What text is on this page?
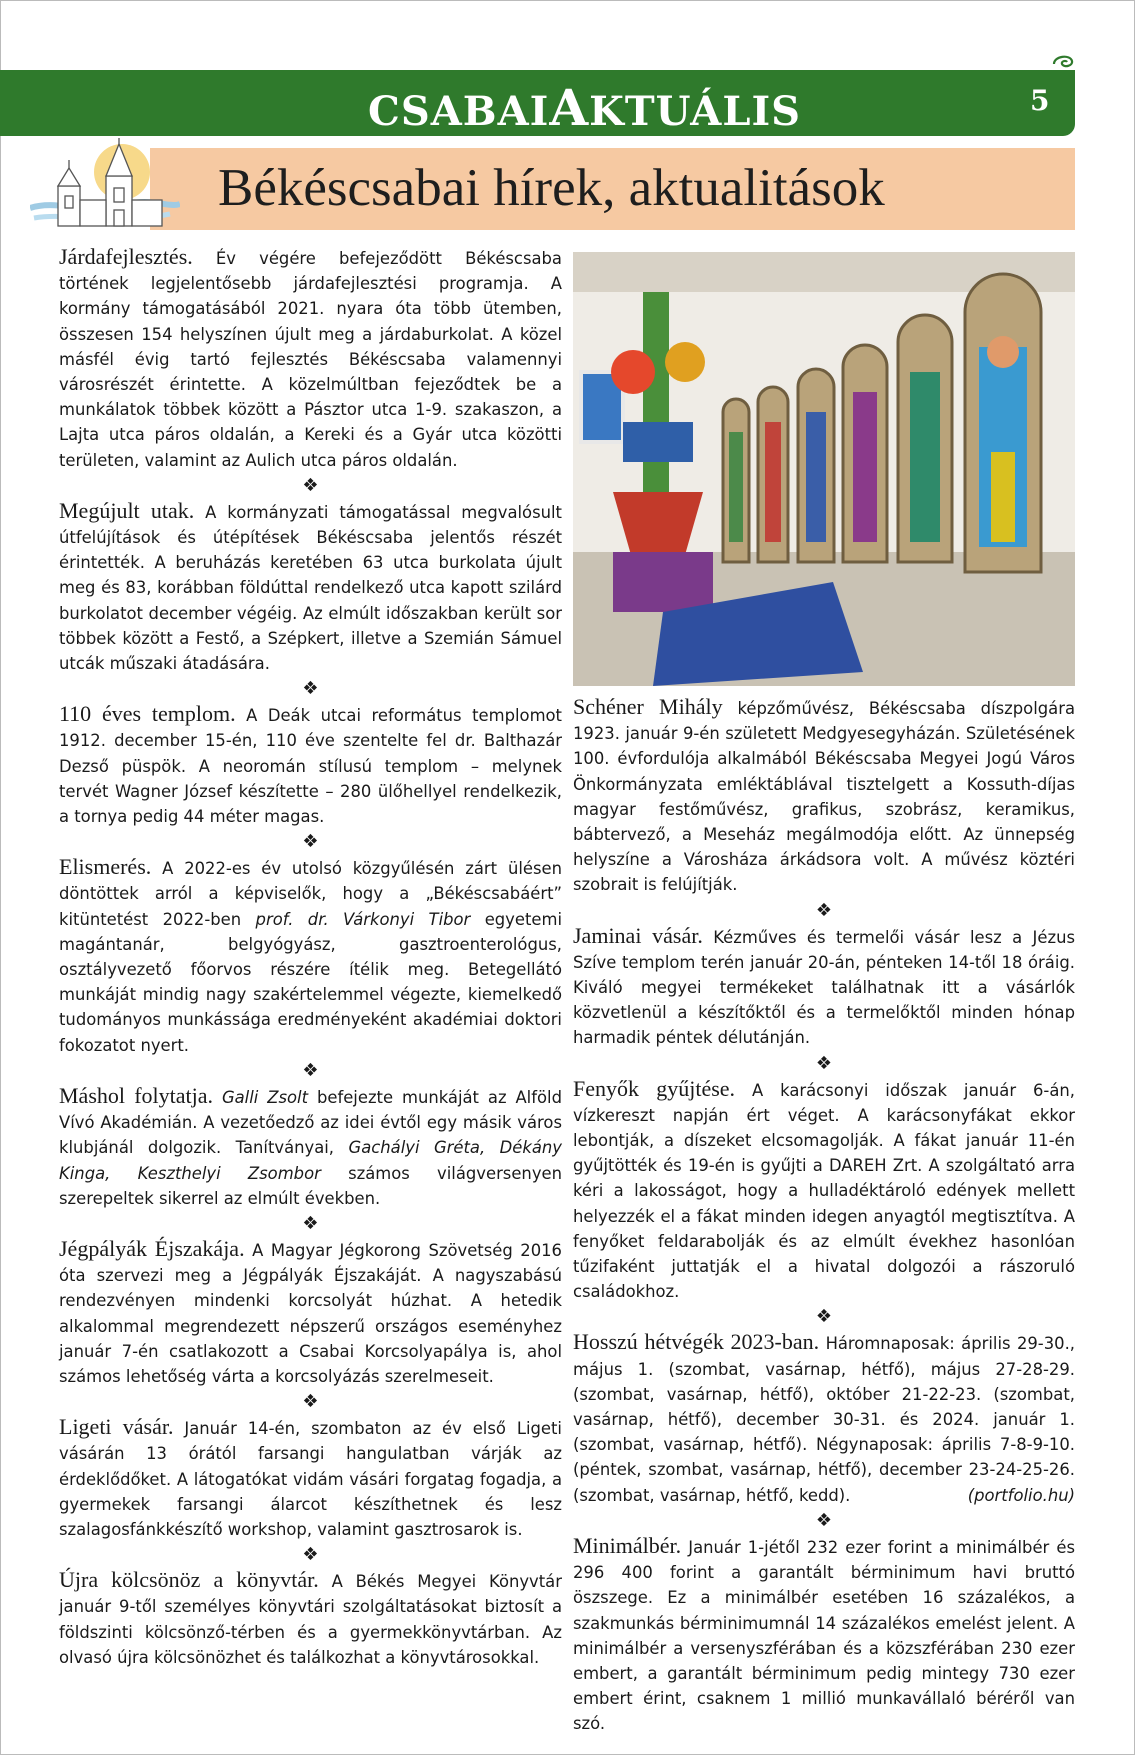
CSABAIAKTUÁLIS	5
Békéscsabai hírek, aktualitások

Járdafejlesztés. Év végére befejeződött Békéscsaba történek legjelentősebb járdafejlesztési programja. A kormány támogatásából 2021. nyara óta több ütemben, összesen 154 helyszínen újult meg a járdaburkolat. A közel másfél évig tartó fejlesztés Békéscsaba valamennyi városrészét érintette. A közelmúltban fejeződtek be a munkálatok többek között a Pásztor utca 1-9. szakaszon, a Lajta utca páros oldalán, a Kereki és a Gyár utca közötti területen, valamint az Aulich utca páros oldalán.

❖

Megújult utak. A kormányzati támogatással megvalósult útfelújítások és útépítések Békéscsaba jelentős részét érintették. A beruházás keretében 63 utca burkolata újult meg és 83, korábban földúttal rendelkező utca kapott szilárd burkolatot december végéig. Az elmúlt időszakban került sor többek között a Festő, a Szépkert, illetve a Szemián Sámuel utcák műszaki átadására.

❖

110 éves templom. A Deák utcai református templomot 1912. december 15-én, 110 éve szentelte fel dr. Balthazár Dezső püspök. A neoromán stílusú templom – melynek tervét Wagner József készítette – 280 ülőhellyel rendelkezik, a tornya pedig 44 méter magas.

❖

Elismerés. A 2022-es év utolsó közgyűlésén zárt ülésen döntöttek arról a képviselők, hogy a „Békéscsabáért” kitüntetést 2022-ben prof. dr. Várkonyi Tibor egyetemi magántanár, belgyógyász, gasztroenterológus, osztályvezető főorvos részére ítélik meg. Betegellátó munkáját mindig nagy szakértelemmel végezte, kiemelkedő tudományos munkássága eredményeként akadémiai doktori fokozatot nyert.

❖

Máshol folytatja. Galli Zsolt befejezte munkáját az Alföld Vívó Akadémián. A vezetőedző az idei évtől egy másik város klubjánál dolgozik. Tanítványai, Gachályi Gréta, Dékány Kinga, Keszthelyi Zsombor számos világversenyen szerepeltek sikerrel az elmúlt években.

❖

Jégpályák Éjszakája. A Magyar Jégkorong Szövetség 2016 óta szervezi meg a Jégpályák Éjszakáját. A nagyszabású rendezvényen mindenki korcsolyát húzhat. A hetedik alkalommal megrendezett népszerű országos eseményhez január 7-én csatlakozott a Csabai Korcsolyapálya is, ahol számos lehetőség várta a korcsolyázás szerelmeseit.

❖

Ligeti vásár. Január 14-én, szombaton az év első Ligeti vásárán 13 órától farsangi hangulatban várják az érdeklődőket. A látogatókat vidám vásári forgatag fogadja, a gyermekek farsangi álarcot készíthetnek és lesz szalagosfánkkészítő workshop, valamint gasztrosarok is.

❖

Újra kölcsönöz a könyvtár. A Békés Megyei Könyvtár január 9-től személyes könyvtári szolgáltatásokat biztosít a földszinti kölcsönző-térben és a gyermekkönyvtárban. Az olvasó újra kölcsönözhet és találkozhat a könyvtárosokkal.

Schéner Mihály képzőművész, Békéscsaba díszpolgára 1923. január 9-én született Medgyesegyházán. Születésének 100. évfordulója alkalmából Békéscsaba Megyei Jogú Város Önkormányzata emléktáblával tisztelgett a Kossuth-díjas magyar festőművész, grafikus, szobrász, keramikus, bábtervező, a Meseház megálmodója előtt. Az ünnepség helyszíne a Városháza árkádsora volt. A művész köztéri szobrait is felújítják.

❖

Jaminai vásár. Kézműves és termelői vásár lesz a Jézus Szíve templom terén január 20-án, pénteken 14-től 18 óráig. Kiváló megyei termékeket találhatnak itt a vásárlók közvetlenül a készítőktől és a termelőktől minden hónap harmadik péntek délutánján.

❖

Fenyők gyűjtése. A karácsonyi időszak január 6-án, vízkereszt napján ért véget. A karácsonyfákat ekkor lebontják, a díszeket elcsomagolják. A fákat január 11-én gyűjtötték és 19-én is gyűjti a DAREH Zrt. A szolgáltató arra kéri a lakosságot, hogy a hulladéktároló edények mellett helyezzék el a fákat minden idegen anyagtól megtisztítva. A fenyőket feldarabolják és az elmúlt évekhez hasonlóan tűzifaként juttatják el a hivatal dolgozói a rászoruló családokhoz.

❖

Hosszú hétvégék 2023-ban. Háromnaposak: április 29-30., május 1. (szombat, vasárnap, hétfő), május 27-28-29. (szombat, vasárnap, hétfő), október 21-22-23. (szombat, vasárnap, hétfő), december 30-31. és 2024. január 1. (szombat, vasárnap, hétfő). Négynaposak: április 7-8-9-10. (péntek, szombat, vasárnap, hétfő), december 23-24-25-26. (szombat, vasárnap, hétfő, kedd).	(portfolio.hu)

❖

Minimálbér. Január 1-jétől 232 ezer forint a minimálbér és 296 400 forint a garantált bérminimum havi bruttó öszszege. Ez a minimálbér esetében 16 százalékos, a szakmunkás bérminimumnál 14 százalékos emelést jelent. A minimálbér a versenyszférában és a közszférában 230 ezer embert, a garantált bérminimum pedig mintegy 730 ezer embert érint, csaknem 1 millió munkavállaló béréről van szó.
